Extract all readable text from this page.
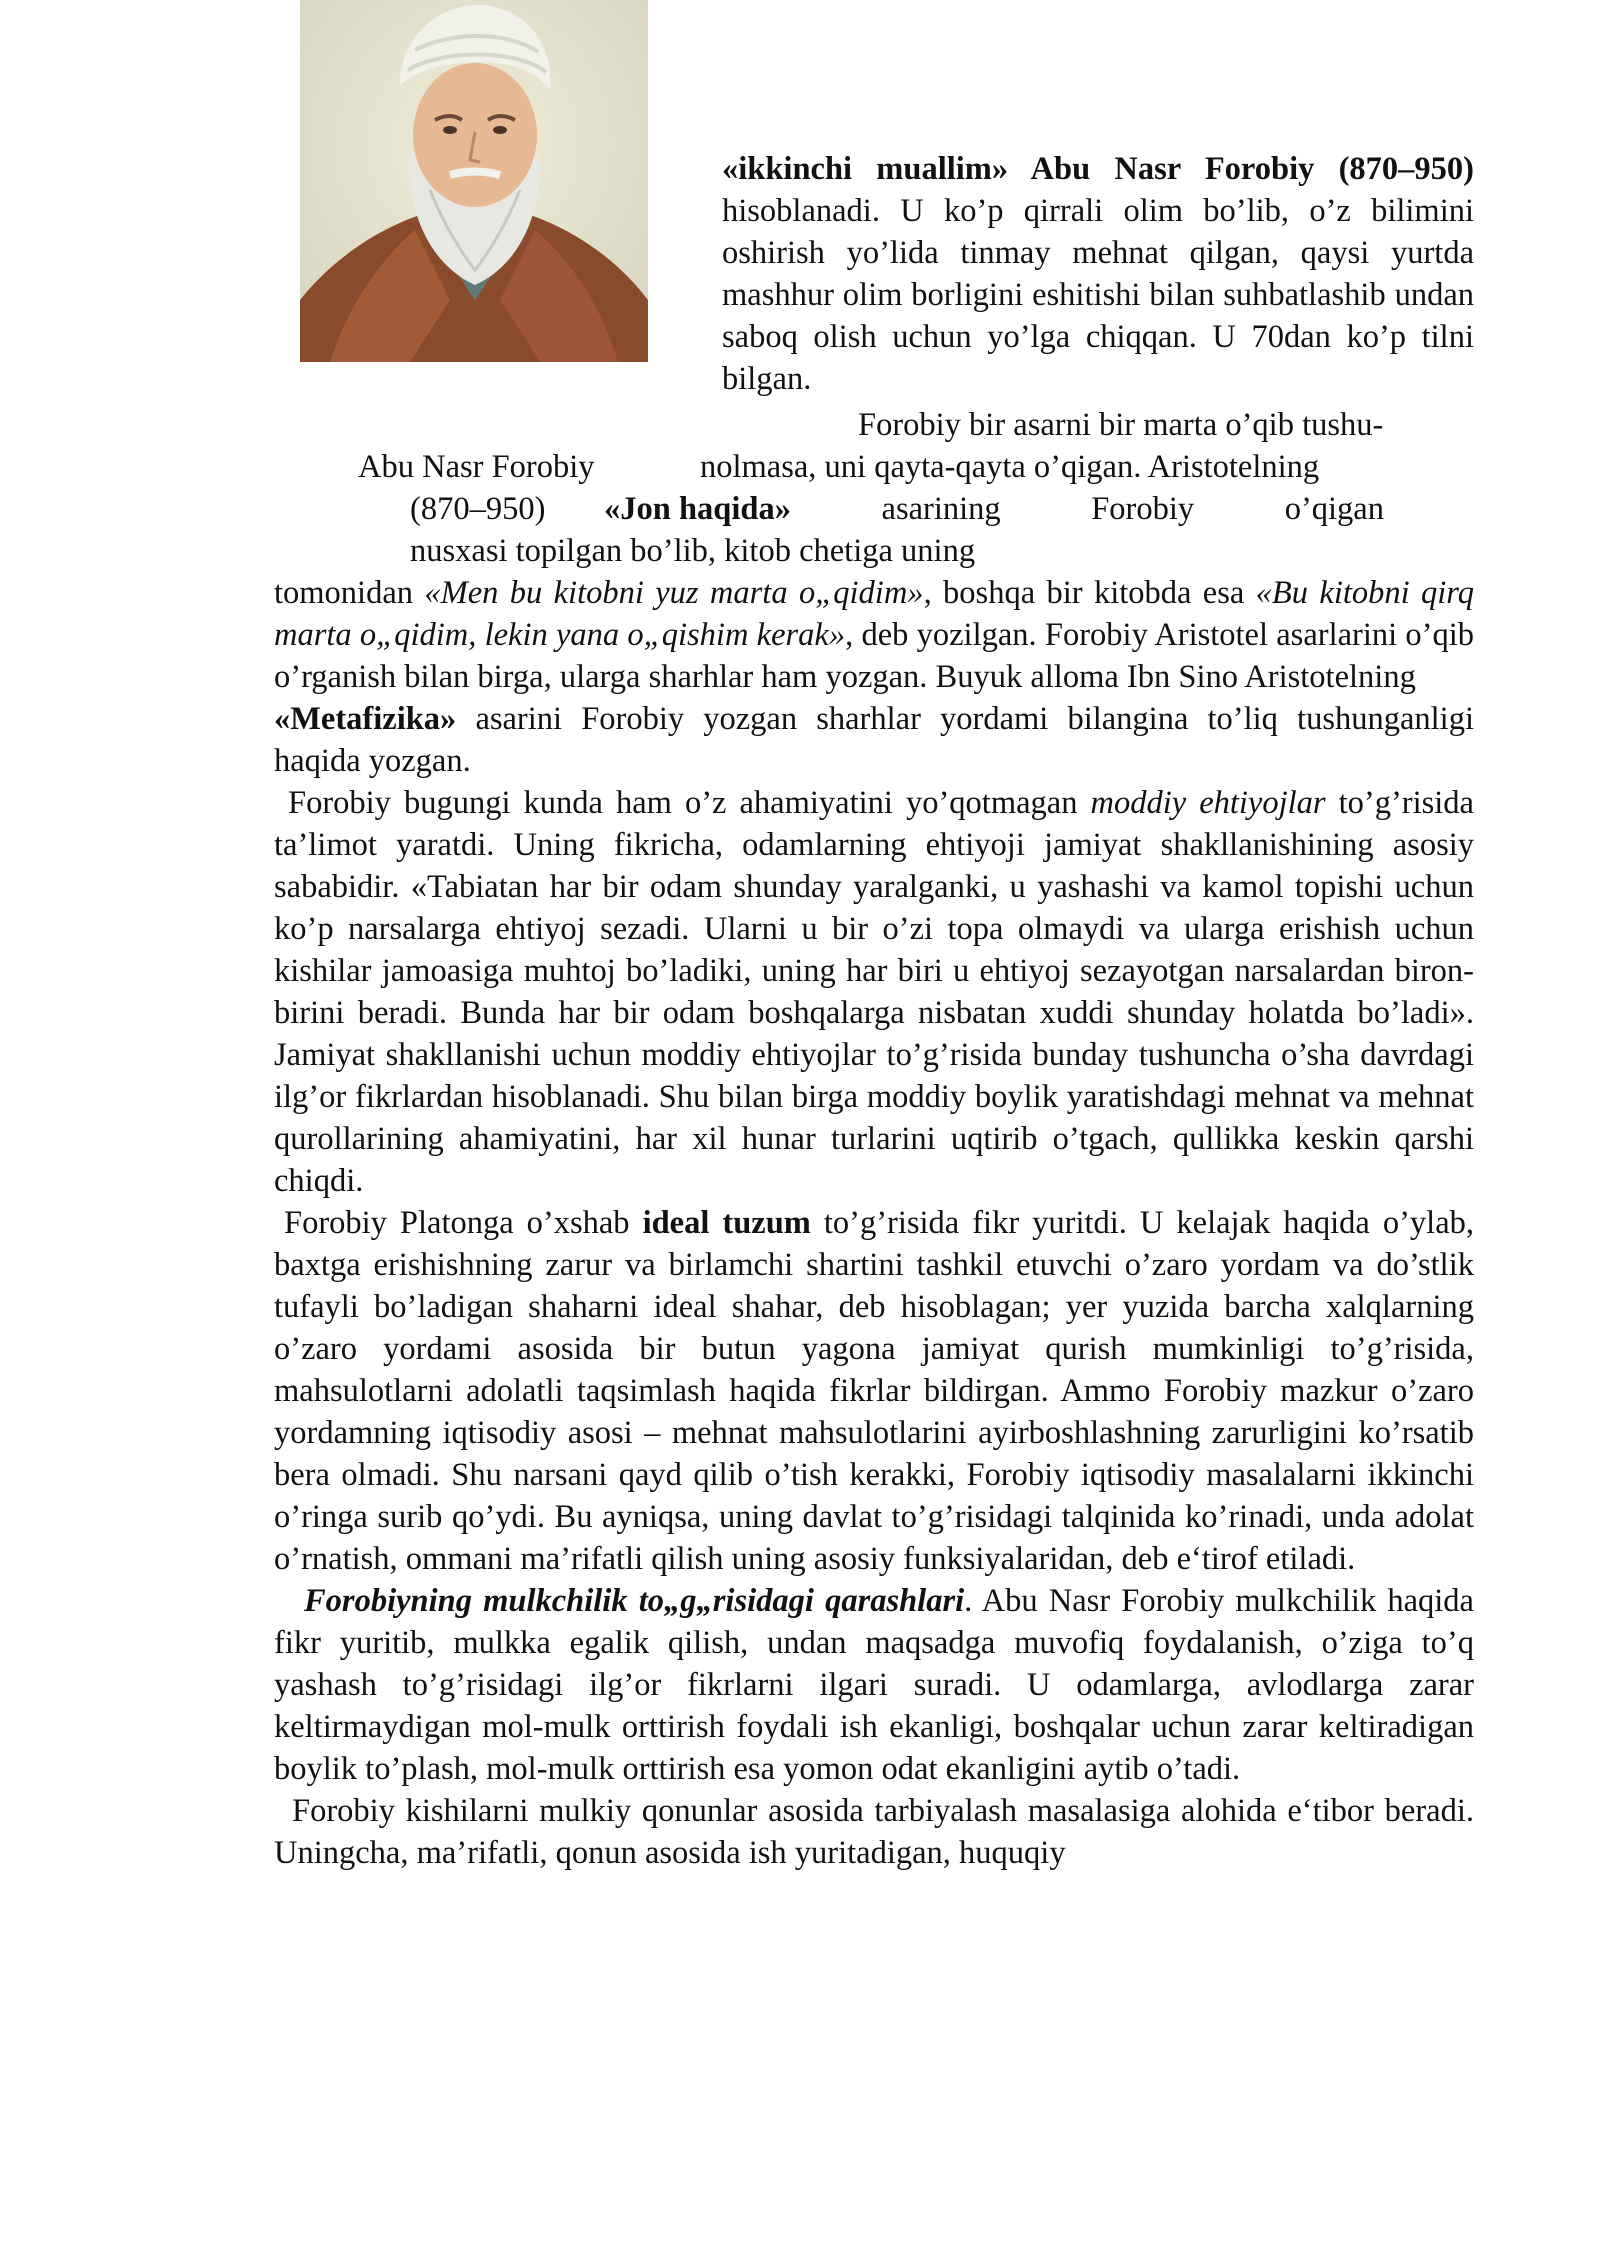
«ikkinchi muallim» Abu Nasr Forobiy (870–950) hisoblanadi. U ko’p qirrali olim bo’lib, o’z bilimini oshirish yo’lida tinmay mehnat qilgan, qaysi yurtda mashhur olim borligini eshitishi bilan suhbatlashib undan saboq olish uchun yo’lga chiqqan. U 70dan ko’p tilni bilgan.

Forobiy bir asarni bir marta o’qib tushu-
Abu Nasr Forobiy	nolmasa, uni qayta-qayta o’qigan. Aristotelning
(870–950) «Jon haqida»	asarining	Forobiy	o’qigan
nusxasi topilgan bo’lib, kitob chetiga uning

tomonidan «Men bu kitobni yuz marta o„qidim», boshqa bir kitobda esa «Bu kitobni qirq marta o„qidim, lekin yana o„qishim kerak», deb yozilgan. Forobiy Aristotel asarlarini o’qib o’rganish bilan birga, ularga sharhlar ham yozgan. Buyuk alloma Ibn Sino Aristotelning

«Metafizika» asarini Forobiy yozgan sharhlar yordami bilangina to’liq tushunganligi haqida yozgan.

Forobiy bugungi kunda ham o’z ahamiyatini yo’qotmagan moddiy ehtiyojlar to’g’risida ta’limot yaratdi. Uning fikricha, odamlarning ehtiyoji jamiyat shakllanishining asosiy sababidir. «Tabiatan har bir odam shunday yaralganki, u yashashi va kamol topishi uchun ko’p narsalarga ehtiyoj sezadi. Ularni u bir o’zi topa olmaydi va ularga erishish uchun kishilar jamoasiga muhtoj bo’ladiki, uning har biri u ehtiyoj sezayotgan narsalardan biron-birini beradi. Bunda har bir odam boshqalarga nisbatan xuddi shunday holatda bo’ladi». Jamiyat shakllanishi uchun moddiy ehtiyojlar to’g’risida bunday tushuncha o’sha davrdagi ilg’or fikrlardan hisoblanadi. Shu bilan birga moddiy boylik yaratishdagi mehnat va mehnat qurollarining ahamiyatini, har xil hunar turlarini uqtirib o’tgach, qullikka keskin qarshi chiqdi.

Forobiy Platonga o’xshab ideal tuzum to’g’risida fikr yuritdi. U kelajak haqida o’ylab, baxtga erishishning zarur va birlamchi shartini tashkil etuvchi o’zaro yordam va do’stlik tufayli bo’ladigan shaharni ideal shahar, deb hisoblagan; yer yuzida barcha xalqlarning o’zaro yordami asosida bir butun yagona jamiyat qurish mumkinligi to’g’risida, mahsulotlarni adolatli taqsimlash haqida fikrlar bildirgan. Ammo Forobiy mazkur o’zaro yordamning iqtisodiy asosi – mehnat mahsulotlarini ayirboshlashning zarurligini ko’rsatib bera olmadi. Shu narsani qayd qilib o’tish kerakki, Forobiy iqtisodiy masalalarni ikkinchi o’ringa surib qo’ydi. Bu ayniqsa, uning davlat to’g’risidagi talqinida ko’rinadi, unda adolat o’rnatish, ommani ma’rifatli qilish uning asosiy funksiyalaridan, deb e‘tirof etiladi.

Forobiyning mulkchilik to„g„risidagi qarashlari. Abu Nasr Forobiy mulkchilik haqida fikr yuritib, mulkka egalik qilish, undan maqsadga muvofiq foydalanish, o’ziga to’q yashash to’g’risidagi ilg’or fikrlarni ilgari suradi. U odamlarga, avlodlarga zarar keltirmaydigan mol-mulk orttirish foydali ish ekanligi, boshqalar uchun zarar keltiradigan boylik to’plash, mol-mulk orttirish esa yomon odat ekanligini aytib o’tadi.

Forobiy kishilarni mulkiy qonunlar asosida tarbiyalash masalasiga alohida e‘tibor beradi. Uningcha, ma’rifatli, qonun asosida ish yuritadigan, huquqiy
